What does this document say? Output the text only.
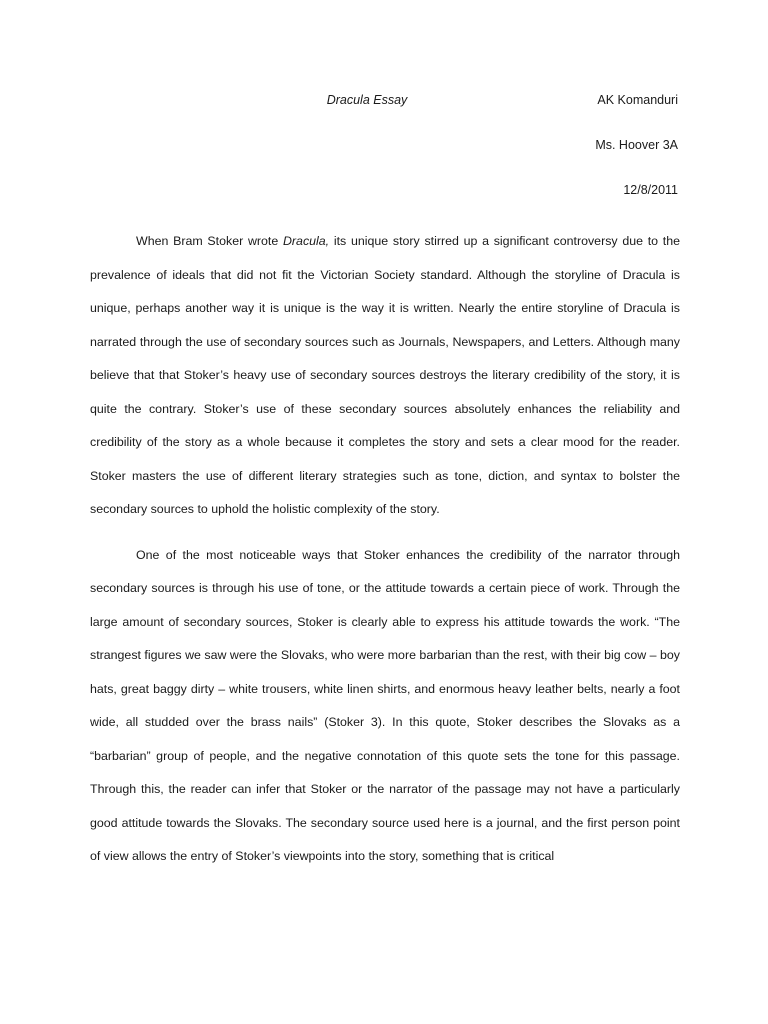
Dracula Essay	AK Komanduri
Ms. Hoover 3A
12/8/2011

When Bram Stoker wrote Dracula, its unique story stirred up a significant controversy due to the prevalence of ideals that did not fit the Victorian Society standard. Although the storyline of Dracula is unique, perhaps another way it is unique is the way it is written. Nearly the entire storyline of Dracula is narrated through the use of secondary sources such as Journals, Newspapers, and Letters. Although many believe that that Stoker’s heavy use of secondary sources destroys the literary credibility of the story, it is quite the contrary. Stoker’s use of these secondary sources absolutely enhances the reliability and credibility of the story as a whole because it completes the story and sets a clear mood for the reader. Stoker masters the use of different literary strategies such as tone, diction, and syntax to bolster the secondary sources to uphold the holistic complexity of the story.

One of the most noticeable ways that Stoker enhances the credibility of the narrator through secondary sources is through his use of tone, or the attitude towards a certain piece of work. Through the large amount of secondary sources, Stoker is clearly able to express his attitude towards the work. “The strangest figures we saw were the Slovaks, who were more barbarian than the rest, with their big cow – boy hats, great baggy dirty – white trousers, white linen shirts, and enormous heavy leather belts, nearly a foot wide, all studded over the brass nails” (Stoker 3). In this quote, Stoker describes the Slovaks as a “barbarian” group of people, and the negative connotation of this quote sets the tone for this passage. Through this, the reader can infer that Stoker or the narrator of the passage may not have a particularly good attitude towards the Slovaks. The secondary source used here is a journal, and the first person point of view allows the entry of Stoker’s viewpoints into the story, something that is critical
